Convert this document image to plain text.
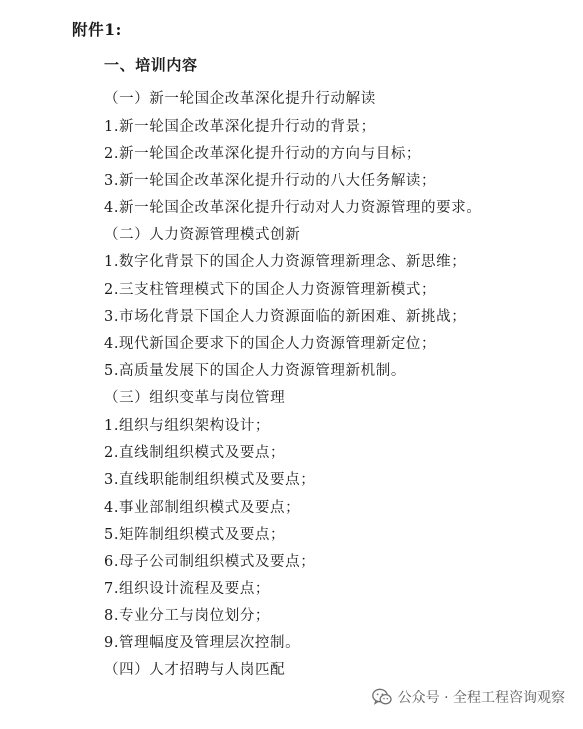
附件1:
一、培训内容
（一）新一轮国企改革深化提升行动解读
1.新一轮国企改革深化提升行动的背景；
2.新一轮国企改革深化提升行动的方向与目标；
3.新一轮国企改革深化提升行动的八大任务解读；
4.新一轮国企改革深化提升行动对人力资源管理的要求。
（二）人力资源管理模式创新
1.数字化背景下的国企人力资源管理新理念、新思维；
2.三支柱管理模式下的国企人力资源管理新模式；
3.市场化背景下国企人力资源面临的新困难、新挑战；
4.现代新国企要求下的国企人力资源管理新定位；
5.高质量发展下的国企人力资源管理新机制。
（三）组织变革与岗位管理
1.组织与组织架构设计；
2.直线制组织模式及要点；
3.直线职能制组织模式及要点；
4.事业部制组织模式及要点；
5.矩阵制组织模式及要点；
6.母子公司制组织模式及要点；
7.组织设计流程及要点；
8.专业分工与岗位划分；
9.管理幅度及管理层次控制。
（四）人才招聘与人岗匹配
公众号 · 全程工程咨询观察
